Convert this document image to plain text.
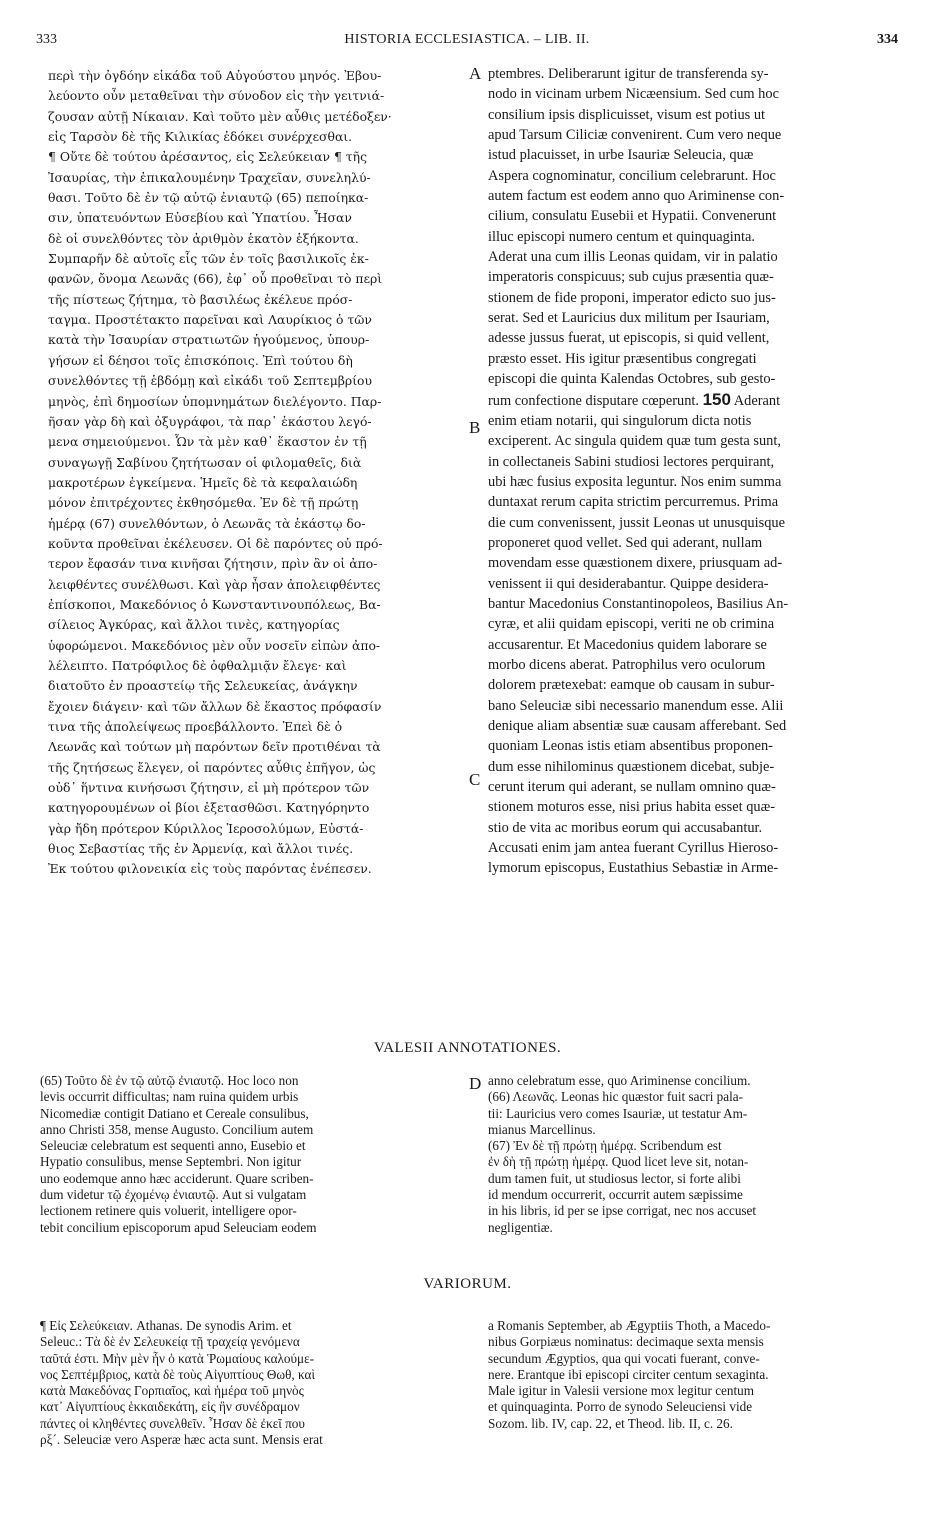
333	HISTORIA ECCLESIASTICA. – LIB. II.	334
περὶ τὴν ὀγδόην εἰκάδα τοῦ Αὐγούστου μηνός. Ἐβου-
λεύοντο οὖν μεταθεῖναι τὴν σύνοδον εἰς τὴν γειτνιά-
ζουσαν αὐτῇ Νίκαιαν. Καὶ τοῦτο μὲν αὖθις μετέδοξεν·
εἰς Ταρσὸν δὲ τῆς Κιλικίας ἐδόκει συνέρχεσθαι.
¶ Οὔτε δὲ τούτου ἀρέσαντος, εἰς Σελεύκειαν ¶ τῆς
Ἰσαυρίας, τὴν ἐπικαλουμένην Τραχεῖαν, συνεληλύ-
θασι. Τοῦτο δὲ ἐν τῷ αὐτῷ ἐνιαυτῷ (65) πεποίηκα-
σιν, ὑπατευόντων Εὐσεβίου καὶ Ὑπατίου. Ἦσαν
δὲ οἱ συνελθόντες τὸν ἀριθμὸν ἑκατὸν ἑξήκοντα.
Συμπαρῆν δὲ αὐτοῖς εἷς τῶν ἐν τοῖς βασιλικοῖς ἐκ-
φανῶν, ὄνομα Λεωνᾶς (66), ἐφ᾽ οὗ προθεῖναι τὸ περὶ
τῆς πίστεως ζήτημα, τὸ βασιλέως ἐκέλευε πρόσ-
ταγμα. Προστέτακτο παρεῖναι καὶ Λαυρίκιος ὁ τῶν
κατὰ τὴν Ἰσαυρίαν στρατιωτῶν ἡγούμενος, ὑπουρ-
γήσων εἰ δέησοι τοῖς ἐπισκόποις. Ἐπὶ τούτου δὴ
συνελθόντες τῇ ἑβδόμῃ καὶ εἰκάδι τοῦ Σεπτεμβρίου
μηνὸς, ἐπὶ δημοσίων ὑπομνημάτων διελέγοντο. Παρ-
ῆσαν γὰρ δὴ καὶ ὀξυγράφοι, τὰ παρ᾽ ἑκάστου λεγό-
μενα σημειούμενοι. Ὧν τὰ μὲν καθ᾽ ἕκαστον ἐν τῇ
συναγωγῇ Σαβίνου ζητήτωσαν οἱ φιλομαθεῖς, διὰ
μακροτέρων ἐγκείμενα. Ἡμεῖς δὲ τὰ κεφαλαιώδη
μόνον ἐπιτρέχοντες ἐκθησόμεθα. Ἐν δὲ τῇ πρώτῃ
ἡμέρᾳ (67) συνελθόντων, ὁ Λεωνᾶς τὰ ἑκάστῳ δο-
κοῦντα προθεῖναι ἐκέλευσεν. Οἱ δὲ παρόντες οὐ πρό-
τερον ἔφασάν τινα κινῆσαι ζήτησιν, πρὶν ἂν οἱ ἀπο-
λειφθέντες συνέλθωσι. Καὶ γὰρ ἦσαν ἀπολειφθέντες
ἐπίσκοποι, Μακεδόνιος ὁ Κωνσταντινουπόλεως, Βα-
σίλειος Ἀγκύρας, καὶ ἄλλοι τινὲς, κατηγορίας
ὑφορώμενοι. Μακεδόνιος μὲν οὖν νοσεῖν εἰπὼν ἀπο-
λέλειπτο. Πατρόφιλος δὲ ὀφθαλμιᾷν ἔλεγε· καὶ
διατοῦτο ἐν προαστείῳ τῆς Σελευκείας, ἀνάγκην
ἔχοιεν διάγειν· καὶ τῶν ἄλλων δὲ ἕκαστος πρόφασίν
τινα τῆς ἀπολείψεως προεβάλλοντο. Ἐπεὶ δὲ ὁ
Λεωνᾶς καὶ τούτων μὴ παρόντων δεῖν προτιθέναι τὰ
τῆς ζητήσεως ἔλεγεν, οἱ παρόντες αὖθις ἐπῆγον, ὡς
οὐδ᾽ ἥντινα κινήσωσι ζήτησιν, εἰ μὴ πρότερον τῶν
κατηγορουμένων οἱ βίοι ἐξετασθῶσι. Κατηγόρηντο
γὰρ ἤδη πρότερον Κύριλλος Ἱεροσολύμων, Εὐστά-
θιος Σεβαστίας τῆς ἐν Ἀρμενίᾳ, καὶ ἄλλοι τινές.
Ἐκ τούτου φιλονεικία εἰς τοὺς παρόντας ἐνέπεσεν.
ptembres. Deliberarunt igitur de transferenda sy-
nodo in vicinam urbem Nicæensium. Sed cum hoc
consilium ipsis displicuisset, visum est potius ut
apud Tarsum Ciliciæ convenirent. Cum vero neque
istud placuisset, in urbe Isauriæ Seleucia, quæ
Aspera cognominatur, concilium celebrarunt. Hoc
autem factum est eodem anno quo Ariminense con-
cilium, consulatu Eusebii et Hypatii. Convenerunt
illuc episcopi numero centum et quinquaginta.
Aderat una cum illis Leonas quidam, vir in palatio
imperatoris conspicuus; sub cujus præsentia quæ-
stionem de fide proponi, imperator edicto suo jus-
serat. Sed et Lauricius dux militum per Isauriam,
adesse jussus fuerat, ut episcopis, si quid vellent,
præsto esset. His igitur præsentibus congregati
episcopi die quinta Kalendas Octobres, sub gesto-
rum confectione disputare cœperunt. 150 Aderant
enim etiam notarii, qui singulorum dicta notis
exciperent. Ac singula quidem quæ tum gesta sunt,
in collectaneis Sabini studiosi lectores perquirant,
ubi hæc fusius exposita leguntur. Nos enim summa
duntaxat rerum capita strictim percurremus. Prima
die cum convenissent, jussit Leonas ut unusquisque
proponeret quod vellet. Sed qui aderant, nullam
movendam esse quæstionem dixere, priusquam ad-
venissent ii qui desiderabantur. Quippe desidera-
bantur Macedonius Constantinopoleos, Basilius An-
cyræ, et alii quidam episcopi, veriti ne ob crimina
accusarentur. Et Macedonius quidem laborare se
morbo dicens aberat. Patrophilus vero oculorum
dolorem prætexebat: eamque ob causam in subur-
bano Seleuciæ sibi necessario manendum esse. Alii
denique aliam absentiæ suæ causam afferebant. Sed
quoniam Leonas istis etiam absentibus proponen-
dum esse nihilominus quæstionem dicebat, subje-
cerunt iterum qui aderant, se nullam omnino quæ-
stionem moturos esse, nisi prius habita esset quæ-
stio de vita ac moribus eorum qui accusabantur.
Accusati enim jam antea fuerant Cyrillus Hieroso-
lymorum episcopus, Eustathius Sebastiæ in Arme-
A
B
C
D
VALESII ANNOTATIONES.
(65) Τοῦτο δὲ ἐν τῷ αὐτῷ ἐνιαυτῷ. Hoc loco non
levis occurrit difficultas; nam ruina quidem urbis
Nicomediæ contigit Datiano et Cereale consulibus,
anno Christi 358, mense Augusto. Concilium autem
Seleuciæ celebratum est sequenti anno, Eusebio et
Hypatio consulibus, mense Septembri. Non igitur
uno eodemque anno hæc acciderunt. Quare scriben-
dum videtur τῷ ἐχομένῳ ἐνιαυτῷ. Aut si vulgatam
lectionem retinere quis voluerit, intelligere opor-
tebit concilium episcoporum apud Seleuciam eodem
anno celebratum esse, quo Ariminense concilium.
(66) Λεωνᾶς. Leonas hic quæstor fuit sacri pala-
tii: Lauricius vero comes Isauriæ, ut testatur Am-
mianus Marcellinus.
(67) Ἐν δὲ τῇ πρώτῃ ἡμέρᾳ. Scribendum est
ἐν δὴ τῇ πρώτῃ ἡμέρᾳ. Quod licet leve sit, notan-
dum tamen fuit, ut studiosus lector, si forte alibi
id mendum occurrerit, occurrit autem sæpissime
in his libris, id per se ipse corrigat, nec nos accuset
negligentiæ.
VARIORUM.
¶ Εἰς Σελεύκειαν. Athanas. De synodis Arim. et
Seleuc.: Τὰ δὲ ἐν Σελευκείᾳ τῇ τραχείᾳ γενόμενα
ταῦτά ἐστι. Μὴν μὲν ἦν ὁ κατὰ Ῥωμαίους καλούμε-
νος Σεπτέμβριος, κατὰ δὲ τοὺς Αἰγυπτίους Θωθ, καὶ
κατὰ Μακεδόνας Γορπιαῖος, καὶ ἡμέρα τοῦ μηνὸς
κατ᾽ Αἰγυπτίους ἑκκαιδεκάτη, εἰς ἣν συνέδραμον
πάντες οἱ κληθέντες συνελθεῖν. Ἦσαν δὲ ἐκεῖ που
ρξ´. Seleuciæ vero Asperæ hæc acta sunt. Mensis erat
a Romanis September, ab Ægyptiis Thoth, a Macedo-
nibus Gorpiæus nominatus: decimaque sexta mensis
secundum Ægyptios, qua qui vocati fuerant, conve-
nere. Erantque ibi episcopi circiter centum sexaginta.
Male igitur in Valesii versione mox legitur centum
et quinquaginta. Porro de synodo Seleuciensi vide
Sozom. lib. IV, cap. 22, et Theod. lib. II, c. 26.
